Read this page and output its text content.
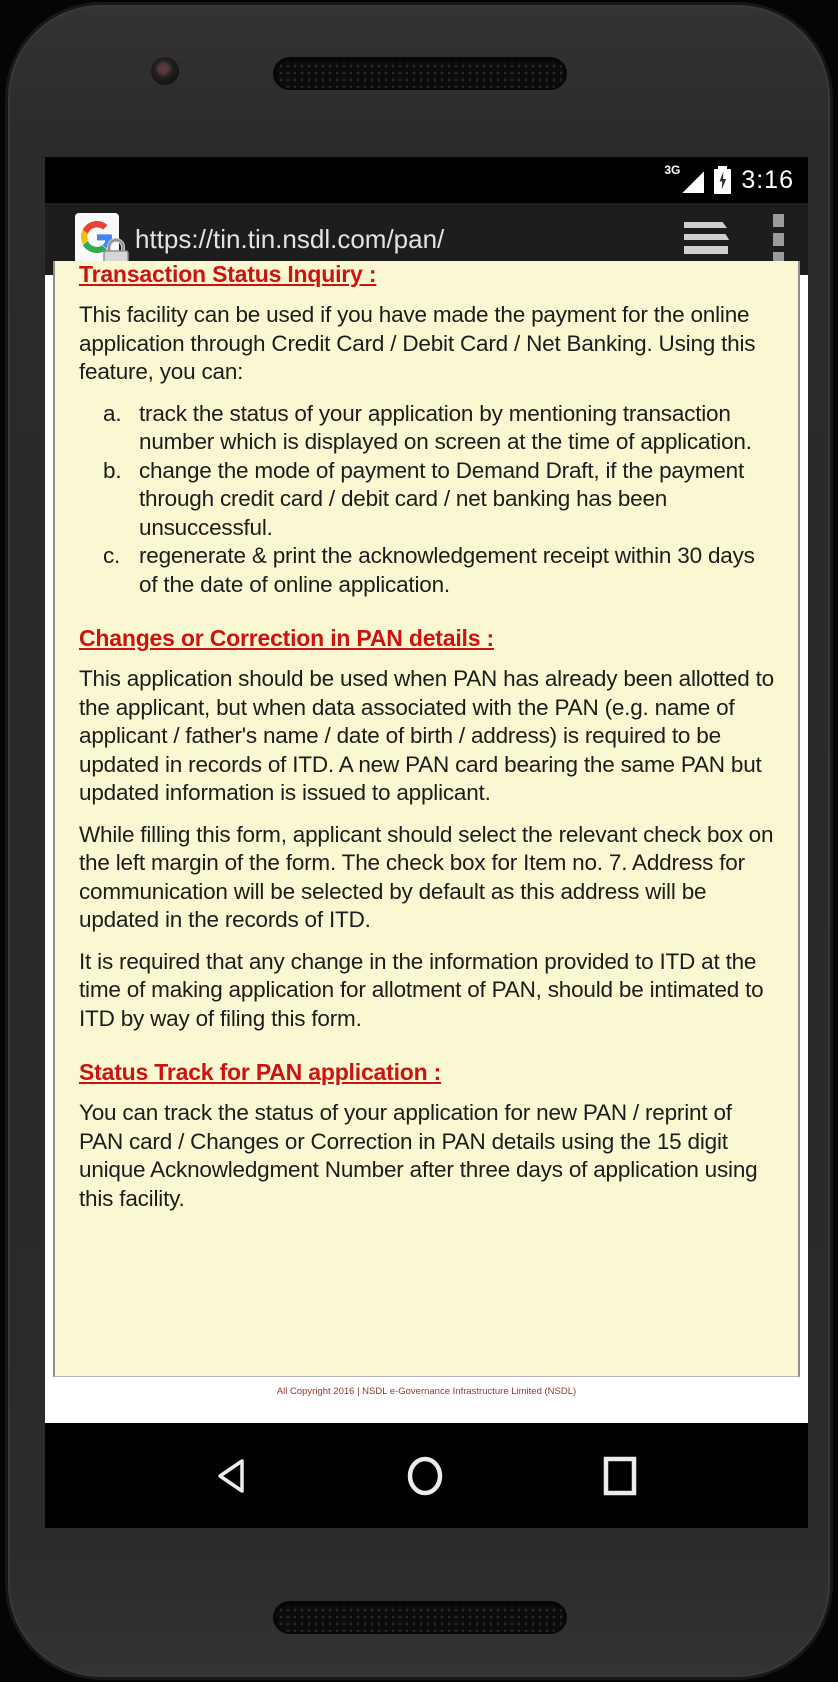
3G 3:16
https://tin.tin.nsdl.com/pan/
Transaction Status Inquiry :

This facility can be used if you have made the payment for the online application through Credit Card / Debit Card / Net Banking. Using this feature, you can:

a. track the status of your application by mentioning transaction number which is displayed on screen at the time of application.
b. change the mode of payment to Demand Draft, if the payment through credit card / debit card / net banking has been unsuccessful.
c. regenerate & print the acknowledgement receipt within 30 days of the date of online application.
Changes or Correction in PAN details :

This application should be used when PAN has already been allotted to the applicant, but when data associated with the PAN (e.g. name of applicant / father's name / date of birth / address) is required to be updated in records of ITD. A new PAN card bearing the same PAN but updated information is issued to applicant.

While filling this form, applicant should select the relevant check box on the left margin of the form. The check box for Item no. 7. Address for communication will be selected by default as this address will be updated in the records of ITD.

It is required that any change in the information provided to ITD at the time of making application for allotment of PAN, should be intimated to ITD by way of filing this form.

Status Track for PAN application :

You can track the status of your application for new PAN / reprint of PAN card / Changes or Correction in PAN details using the 15 digit unique Acknowledgment Number after three days of application using this facility.

All Copyright 2016 | NSDL e-Governance Infrastructure Limited (NSDL)
